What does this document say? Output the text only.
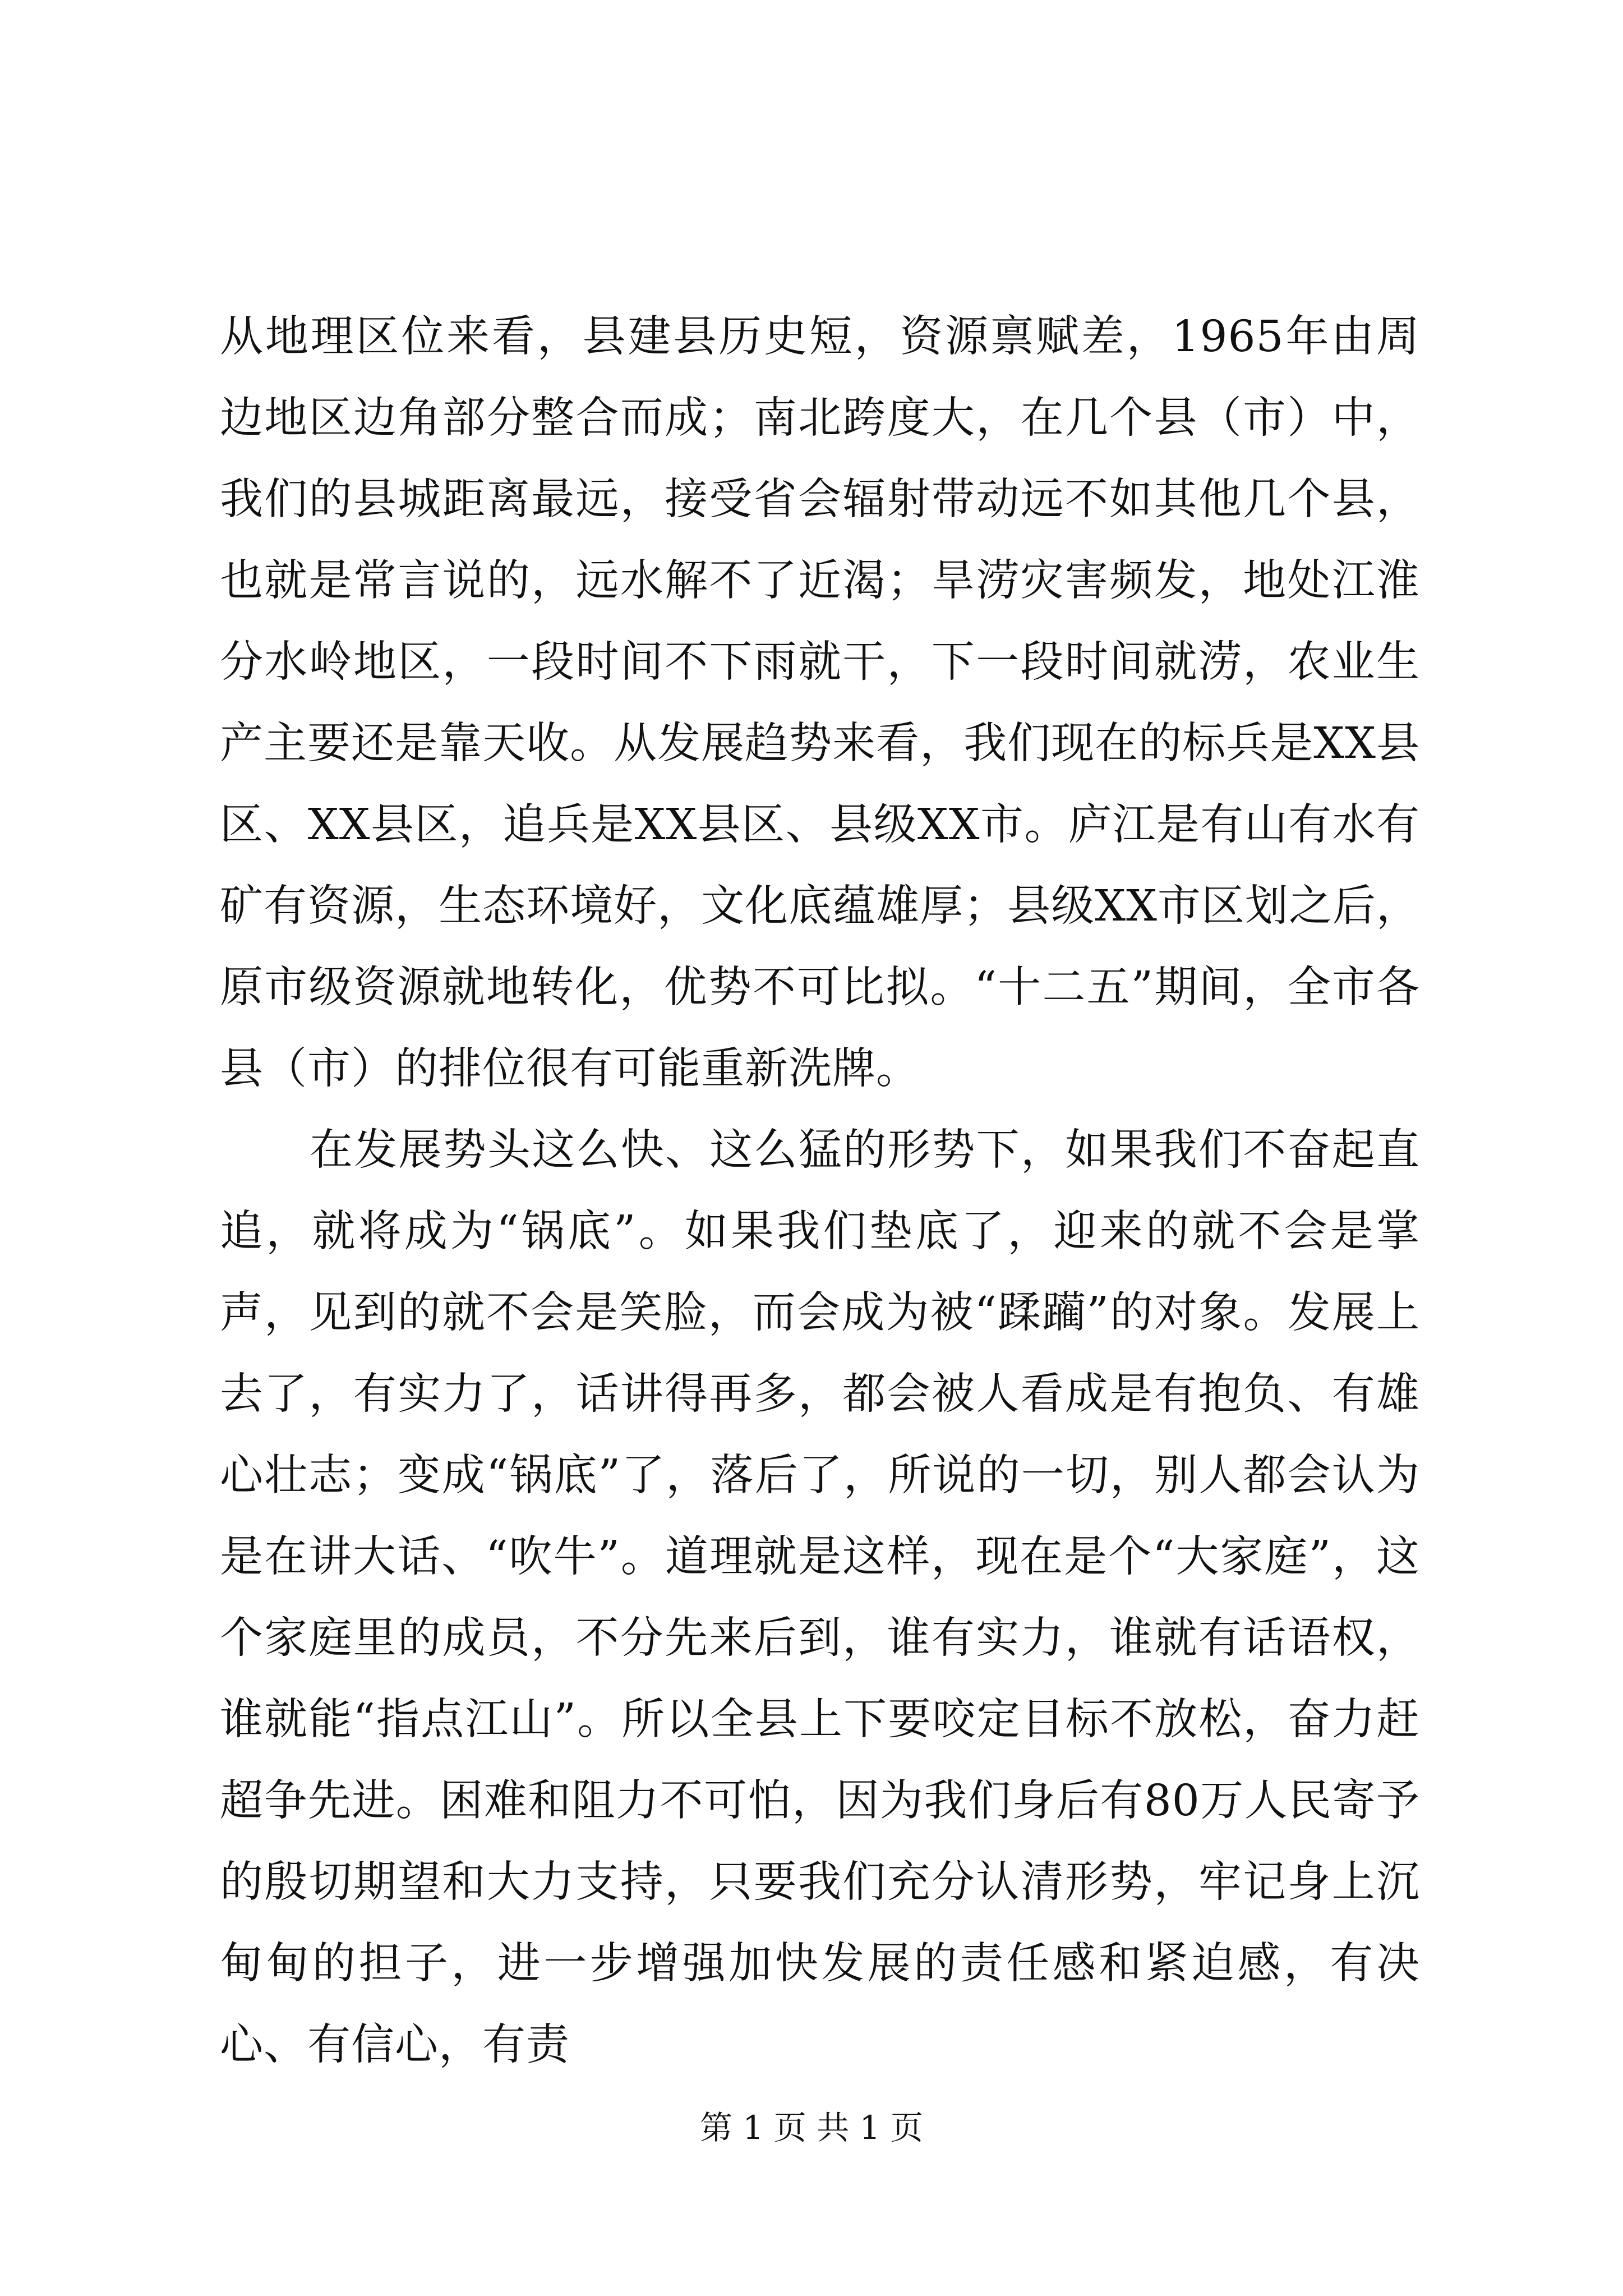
从地理区位来看，县建县历史短，资源禀赋差，1965年由周边地区边角部分整合而成；南北跨度大，在几个县（市）中，我们的县城距离最远，接受省会辐射带动远不如其他几个县，也就是常言说的，远水解不了近渴；旱涝灾害频发，地处江淮分水岭地区，一段时间不下雨就干，下一段时间就涝，农业生产主要还是靠天收。从发展趋势来看，我们现在的标兵是XX县区、XX县区，追兵是XX县区、县级XX市。庐江是有山有水有矿有资源，生态环境好，文化底蕴雄厚；县级XX市区划之后，原市级资源就地转化，优势不可比拟。“十二五”期间，全市各县（市）的排位很有可能重新洗牌。

在发展势头这么快、这么猛的形势下，如果我们不奋起直追，就将成为“锅底”。如果我们垫底了，迎来的就不会是掌声，见到的就不会是笑脸，而会成为被“蹂躏”的对象。发展上去了，有实力了，话讲得再多，都会被人看成是有抱负、有雄心壮志；变成“锅底”了，落后了，所说的一切，别人都会认为是在讲大话、“吹牛”。道理就是这样，现在是个“大家庭”，这个家庭里的成员，不分先来后到，谁有实力，谁就有话语权，谁就能“指点江山”。所以全县上下要咬定目标不放松，奋力赶超争先进。困难和阻力不可怕，因为我们身后有80万人民寄予的殷切期望和大力支持，只要我们充分认清形势，牢记身上沉甸甸的担子，进一步增强加快发展的责任感和紧迫感，有决心、有信心，有责

第 1 页 共 1 页
